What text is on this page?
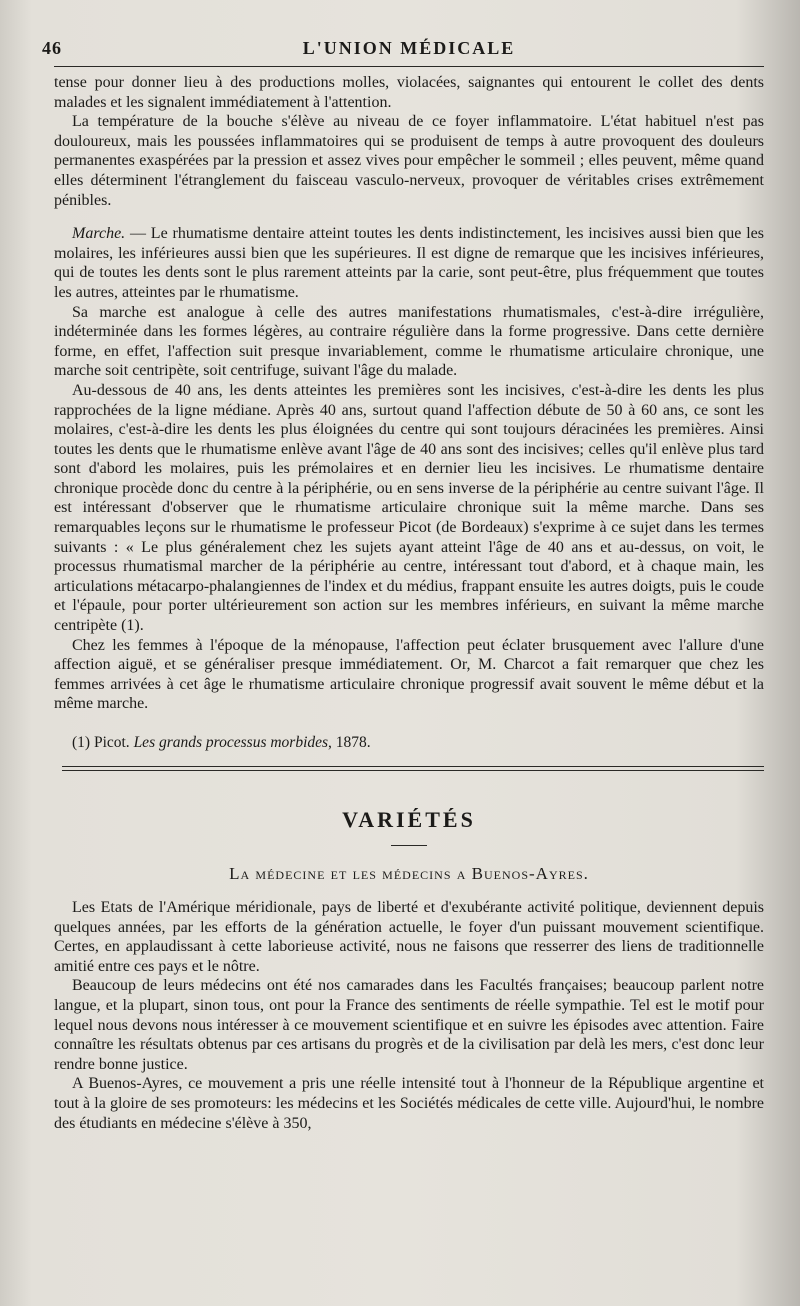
46	L'UNION MÉDICALE

tense pour donner lieu à des productions molles, violacées, saignantes qui entourent le collet des dents malades et les signalent immédiatement à l'attention.

La température de la bouche s'élève au niveau de ce foyer inflammatoire. L'état habituel n'est pas douloureux, mais les poussées inflammatoires qui se produisent de temps à autre provoquent des douleurs permanentes exaspérées par la pression et assez vives pour empêcher le sommeil ; elles peuvent, même quand elles déterminent l'étranglement du faisceau vasculo-nerveux, provoquer de véritables crises extrêmement pénibles.

Marche. — Le rhumatisme dentaire atteint toutes les dents indistinctement, les incisives aussi bien que les molaires, les inférieures aussi bien que les supérieures. Il est digne de remarque que les incisives inférieures, qui de toutes les dents sont le plus rarement atteints par la carie, sont peut-être, plus fréquemment que toutes les autres, atteintes par le rhumatisme.

Sa marche est analogue à celle des autres manifestations rhumatismales, c'est-à-dire irrégulière, indéterminée dans les formes légères, au contraire régulière dans la forme progressive. Dans cette dernière forme, en effet, l'affection suit presque invariablement, comme le rhumatisme articulaire chronique, une marche soit centripète, soit centrifuge, suivant l'âge du malade.

Au-dessous de 40 ans, les dents atteintes les premières sont les incisives, c'est-à-dire les dents les plus rapprochées de la ligne médiane. Après 40 ans, surtout quand l'affection débute de 50 à 60 ans, ce sont les molaires, c'est-à-dire les dents les plus éloignées du centre qui sont toujours déracinées les premières. Ainsi toutes les dents que le rhumatisme enlève avant l'âge de 40 ans sont des incisives; celles qu'il enlève plus tard sont d'abord les molaires, puis les prémolaires et en dernier lieu les incisives. Le rhumatisme dentaire chronique procède donc du centre à la périphérie, ou en sens inverse de la périphérie au centre suivant l'âge. Il est intéressant d'observer que le rhumatisme articulaire chronique suit la même marche. Dans ses remarquables leçons sur le rhumatisme le professeur Picot (de Bordeaux) s'exprime à ce sujet dans les termes suivants : « Le plus généralement chez les sujets ayant atteint l'âge de 40 ans et au-dessus, on voit, le processus rhumatismal marcher de la périphérie au centre, intéressant tout d'abord, et à chaque main, les articulations métacarpo-phalangiennes de l'index et du médius, frappant ensuite les autres doigts, puis le coude et l'épaule, pour porter ultérieurement son action sur les membres inférieurs, en suivant la même marche centripète (1).

Chez les femmes à l'époque de la ménopause, l'affection peut éclater brusquement avec l'allure d'une affection aiguë, et se généraliser presque immédiatement. Or, M. Charcot a fait remarquer que chez les femmes arrivées à cet âge le rhumatisme articulaire chronique progressif avait souvent le même début et la même marche.

(1) Picot. Les grands processus morbides, 1878.
VARIÉTÉS
La médecine et les médecins a Buenos-Ayres.

Les Etats de l'Amérique méridionale, pays de liberté et d'exubérante activité politique, deviennent depuis quelques années, par les efforts de la génération actuelle, le foyer d'un puissant mouvement scientifique. Certes, en applaudissant à cette laborieuse activité, nous ne faisons que resserrer des liens de traditionnelle amitié entre ces pays et le nôtre.

Beaucoup de leurs médecins ont été nos camarades dans les Facultés françaises; beaucoup parlent notre langue, et la plupart, sinon tous, ont pour la France des sentiments de réelle sympathie. Tel est le motif pour lequel nous devons nous intéresser à ce mouvement scientifique et en suivre les épisodes avec attention. Faire connaître les résultats obtenus par ces artisans du progrès et de la civilisation par delà les mers, c'est donc leur rendre bonne justice.

A Buenos-Ayres, ce mouvement a pris une réelle intensité tout à l'honneur de la République argentine et tout à la gloire de ses promoteurs: les médecins et les Sociétés médicales de cette ville. Aujourd'hui, le nombre des étudiants en médecine s'élève à 350,
